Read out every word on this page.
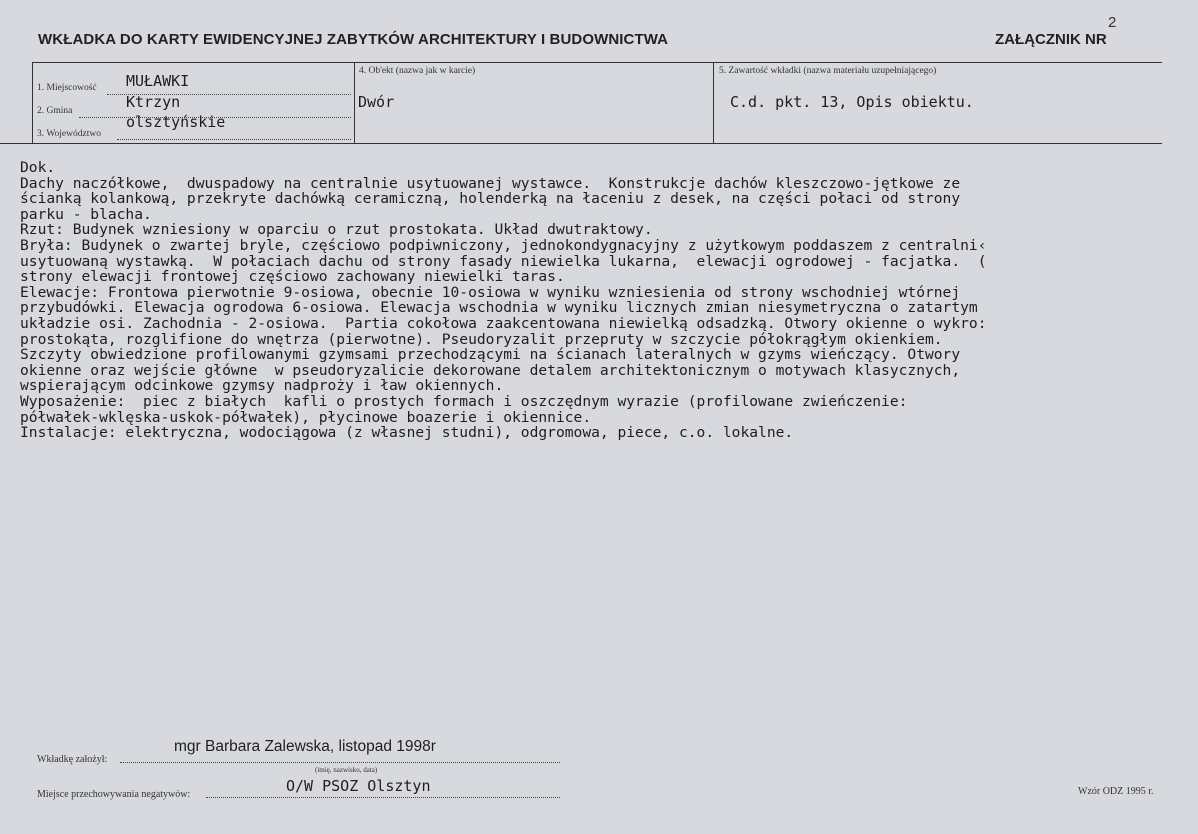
2
WKŁADKA DO KARTY EWIDENCYJNEJ ZABYTKÓW ARCHITEKTURY I BUDOWNICTWA	ZAŁĄCZNIK NR
1. Miejscowość MUŁAWKI
2. Gmina	Ktrzyn
3. Województwo
olsztyńskie
4. Ob'ekt (nazwa jak w karcie)
Dwór
5. Zawartość wkładki (nazwa materiału uzupełniającego)
C.d. pkt. 13, Opis obiektu.
Dok.
Dachy naczółkowe,  dwuspadowy na centralnie usytuowanej wystawce.  Konstrukcje dachów kleszczowo-jętkowe ze
ścianką kolankową, przekryte dachówką ceramiczną, holenderką na łaceniu z desek, na części połaci od strony
parku - blacha.
Rzut: Budynek wzniesiony w oparciu o rzut prostokata. Układ dwutraktowy.
Bryła: Budynek o zwartej bryle, częściowo podpiwniczony, jednokondygnacyjny z użytkowym poddaszem z centralni‹
usytuowaną wystawką.  W połaciach dachu od strony fasady niewielka lukarna,  elewacji ogrodowej - facjatka.  (
strony elewacji frontowej częściowo zachowany niewielki taras.
Elewacje: Frontowa pierwotnie 9-osiowa, obecnie 10-osiowa w wyniku wzniesienia od strony wschodniej wtórnej
przybudówki. Elewacja ogrodowa 6-osiowa. Elewacja wschodnia w wyniku licznych zmian niesymetryczna o zatartym
układzie osi. Zachodnia - 2-osiowa.  Partia cokołowa zaakcentowana niewielką odsadzką. Otwory okienne o wykro:
prostokąta, rozglifione do wnętrza (pierwotne). Pseudoryzalit przepruty w szczycie półokrągłym okienkiem.
Szczyty obwiedzione profilowanymi gzymsami przechodzącymi na ścianach lateralnych w gzyms wieńczący. Otwory
okienne oraz wejście główne  w pseudoryzalicie dekorowane detalem architektonicznym o motywach klasycznych,
wspierającym odcinkowe gzymsy nadproży i ław okiennych.
Wyposażenie:  piec z białych  kafli o prostych formach i oszczędnym wyrazie (profilowane zwieńczenie:
półwałek-wklęska-uskok-półwałek), płycinowe boazerie i okiennice.
Instalacje: elektryczna, wodociągowa (z własnej studni), odgromowa, piece, c.o. lokalne.
Wkładkę założył:
mgr Barbara Zalewska, listopad 1998r
(imię, nazwisko, data)
Miejsce przechowywania negatywów:	O/W PSOZ Olsztyn	Wzór ODZ 1995 r.
